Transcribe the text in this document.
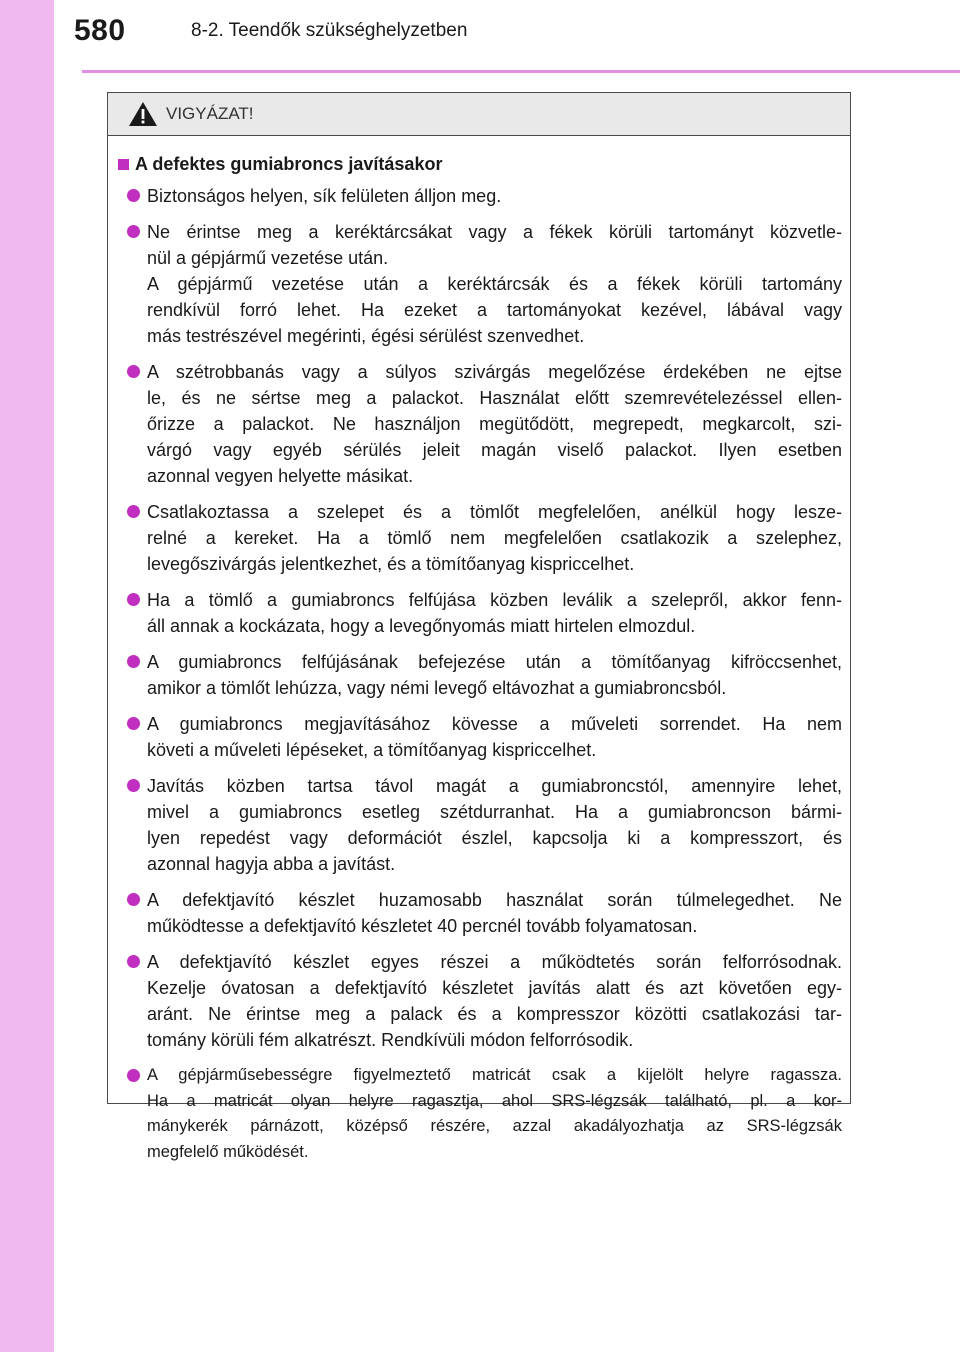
580	8-2. Teendők szükséghelyzetben
VIGYÁZAT!
A defektes gumiabroncs javításakor
Biztonságos helyen, sík felületen álljon meg.
Ne érintse meg a keréktárcsákat vagy a fékek körüli tartományt közvetle-
nül a gépjármű vezetése után.
A gépjármű vezetése után a keréktárcsák és a fékek körüli tartomány
rendkívül forró lehet. Ha ezeket a tartományokat kezével, lábával vagy
más testrészével megérinti, égési sérülést szenvedhet.
A szétrobbanás vagy a súlyos szivárgás megelőzése érdekében ne ejtse
le, és ne sértse meg a palackot. Használat előtt szemrevételezéssel ellen-
őrizze a palackot. Ne használjon megütődött, megrepedt, megkarcolt, szi-
várgó vagy egyéb sérülés jeleit magán viselő palackot. Ilyen esetben
azonnal vegyen helyette másikat.
Csatlakoztassa a szelepet és a tömlőt megfelelően, anélkül hogy lesze-
relné a kereket. Ha a tömlő nem megfelelően csatlakozik a szelephez,
levegőszivárgás jelentkezhet, és a tömítőanyag kispriccelhet.
Ha a tömlő a gumiabroncs felfújása közben leválik a szelepről, akkor fenn-
áll annak a kockázata, hogy a levegőnyomás miatt hirtelen elmozdul.
A gumiabroncs felfújásának befejezése után a tömítőanyag kifröccsenhet,
amikor a tömlőt lehúzza, vagy némi levegő eltávozhat a gumiabroncsból.
A gumiabroncs megjavításához kövesse a műveleti sorrendet. Ha nem
követi a műveleti lépéseket, a tömítőanyag kispriccelhet.
Javítás közben tartsa távol magát a gumiabroncstól, amennyire lehet,
mivel a gumiabroncs esetleg szétdurranhat. Ha a gumiabroncson bármi-
lyen repedést vagy deformációt észlel, kapcsolja ki a kompresszort, és
azonnal hagyja abba a javítást.
A defektjavító készlet huzamosabb használat során túlmelegedhet. Ne
működtesse a defektjavító készletet 40 percnél tovább folyamatosan.
A defektjavító készlet egyes részei a működtetés során felforrósodnak.
Kezelje óvatosan a defektjavító készletet javítás alatt és azt követően egy-
aránt. Ne érintse meg a palack és a kompresszor közötti csatlakozási tar-
tomány körüli fém alkatrészt. Rendkívüli módon felforrósodik.
A gépjárműsebességre figyelmeztető matricát csak a kijelölt helyre ragassza.
Ha a matricát olyan helyre ragasztja, ahol SRS-légzsák található, pl. a kor-
mánykerék párnázott, középső részére, azzal akadályozhatja az SRS-légzsák
megfelelő működését.
